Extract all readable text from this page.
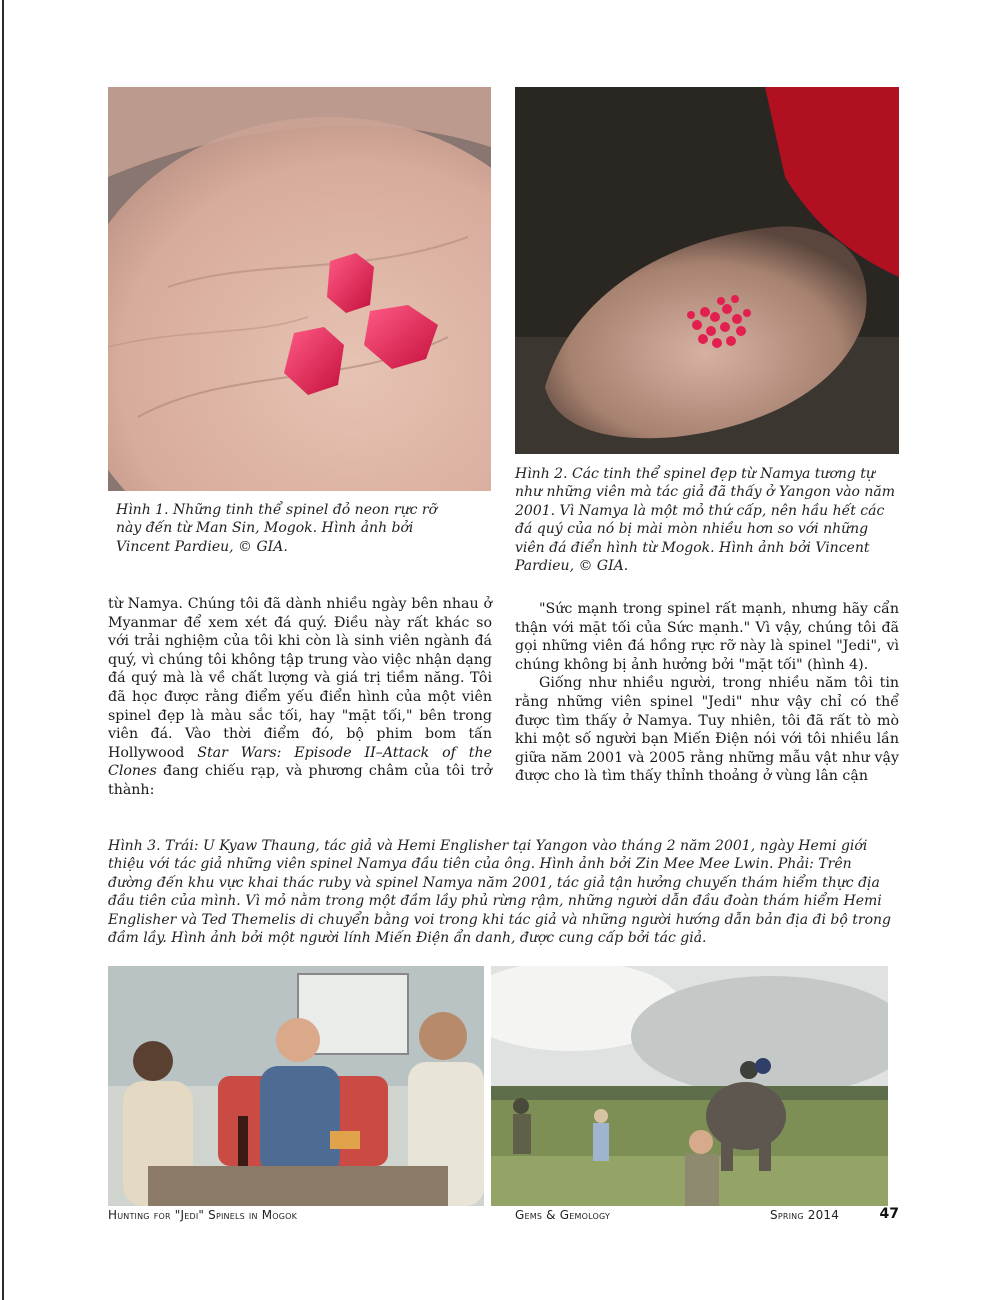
Hình 1. Những tinh thể spinel đỏ neon rực rỡ này đến từ Man Sin, Mogok. Hình ảnh bởi Vincent Pardieu, © GIA.

Hình 2. Các tinh thể spinel đẹp từ Namya tương tự như những viên mà tác giả đã thấy ở Yangon vào năm 2001. Vì Namya là một mỏ thứ cấp, nên hầu hết các đá quý của nó bị mài mòn nhiều hơn so với những viên đá điển hình từ Mogok. Hình ảnh bởi Vincent Pardieu, © GIA.

từ Namya. Chúng tôi đã dành nhiều ngày bên nhau ở Myanmar để xem xét đá quý. Điều này rất khác so với trải nghiệm của tôi khi còn là sinh viên ngành đá quý, vì chúng tôi không tập trung vào việc nhận dạng đá quý mà là về chất lượng và giá trị tiềm năng. Tôi đã học được rằng điểm yếu điển hình của một viên spinel đẹp là màu sắc tối, hay "mặt tối," bên trong viên đá. Vào thời điểm đó, bộ phim bom tấn Hollywood Star Wars: Episode II–Attack of the Clones đang chiếu rạp, và phương châm của tôi trở thành:

"Sức mạnh trong spinel rất mạnh, nhưng hãy cẩn thận với mặt tối của Sức mạnh." Vì vậy, chúng tôi đã gọi những viên đá hồng rực rỡ này là spinel "Jedi", vì chúng không bị ảnh hưởng bởi "mặt tối" (hình 4).

Giống như nhiều người, trong nhiều năm tôi tin rằng những viên spinel "Jedi" như vậy chỉ có thể được tìm thấy ở Namya. Tuy nhiên, tôi đã rất tò mò khi một số người bạn Miến Điện nói với tôi nhiều lần giữa năm 2001 và 2005 rằng những mẫu vật như vậy được cho là tìm thấy thỉnh thoảng ở vùng lân cận

Hình 3. Trái: U Kyaw Thaung, tác giả và Hemi Englisher tại Yangon vào tháng 2 năm 2001, ngày Hemi giới thiệu với tác giả những viên spinel Namya đầu tiên của ông. Hình ảnh bởi Zin Mee Mee Lwin. Phải: Trên đường đến khu vực khai thác ruby và spinel Namya năm 2001, tác giả tận hưởng chuyến thám hiểm thực địa đầu tiên của mình. Vì mỏ nằm trong một đầm lầy phủ rừng rậm, những người dẫn đầu đoàn thám hiểm Hemi Englisher và Ted Themelis di chuyển bằng voi trong khi tác giả và những người hướng dẫn bản địa đi bộ trong đầm lầy. Hình ảnh bởi một người lính Miến Điện ẩn danh, được cung cấp bởi tác giả.

Hunting for "Jedi" Spinels in Mogok	Gems & Gemology	Spring 2014	47
